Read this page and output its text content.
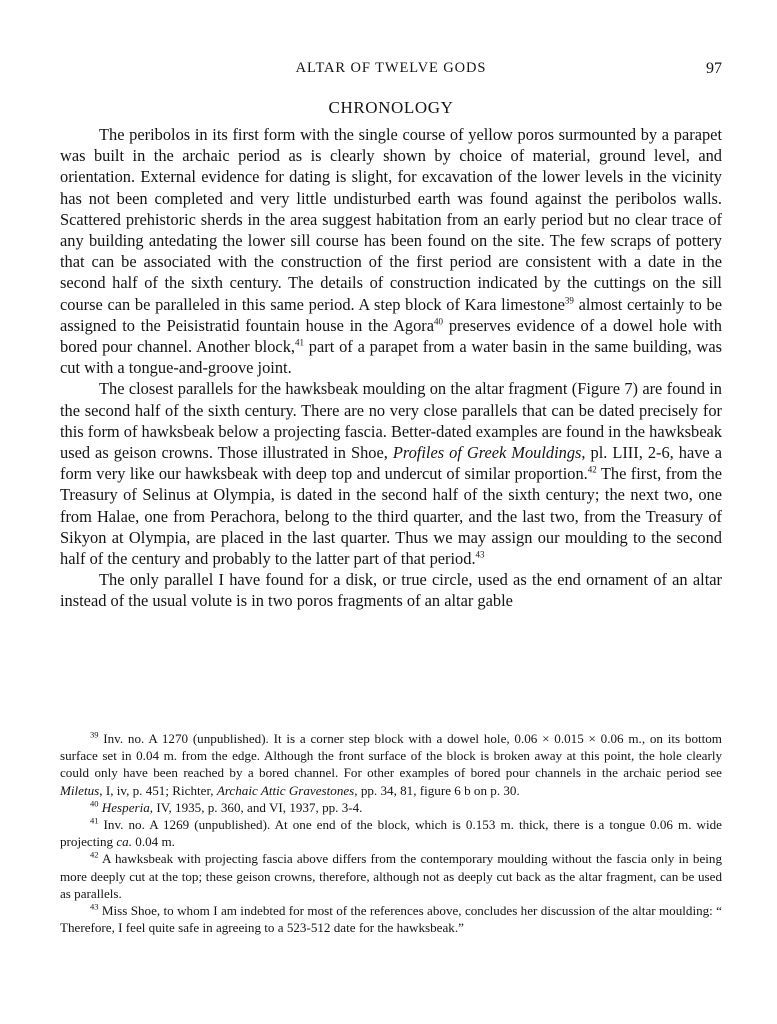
ALTAR OF TWELVE GODS	97
CHRONOLOGY

The peribolos in its first form with the single course of yellow poros surmounted by a parapet was built in the archaic period as is clearly shown by choice of material, ground level, and orientation. External evidence for dating is slight, for excavation of the lower levels in the vicinity has not been completed and very little undisturbed earth was found against the peribolos walls. Scattered prehistoric sherds in the area suggest habitation from an early period but no clear trace of any building antedating the lower sill course has been found on the site. The few scraps of pottery that can be associated with the construction of the first period are consistent with a date in the second half of the sixth century. The details of construction indicated by the cuttings on the sill course can be paralleled in this same period. A step block of Kara limestone$^{39}$ almost certainly to be assigned to the Peisistratid fountain house in the Agora$^{40}$ preserves evidence of a dowel hole with bored pour channel. Another block,$^{41}$ part of a parapet from a water basin in the same building, was cut with a tongue-and-groove joint.

The closest parallels for the hawksbeak moulding on the altar fragment (Figure 7) are found in the second half of the sixth century. There are no very close parallels that can be dated precisely for this form of hawksbeak below a projecting fascia. Better-dated examples are found in the hawksbeak used as geison crowns. Those illustrated in Shoe, Profiles of Greek Mouldings, pl. LIII, 2-6, have a form very like our hawksbeak with deep top and undercut of similar proportion.$^{42}$ The first, from the Treasury of Selinus at Olympia, is dated in the second half of the sixth century; the next two, one from Halae, one from Perachora, belong to the third quarter, and the last two, from the Treasury of Sikyon at Olympia, are placed in the last quarter. Thus we may assign our moulding to the second half of the century and probably to the latter part of that period.$^{43}$

The only parallel I have found for a disk, or true circle, used as the end ornament of an altar instead of the usual volute is in two poros fragments of an altar gable

$^{39}$ Inv. no. A 1270 (unpublished). It is a corner step block with a dowel hole, 0.06 × 0.015 × 0.06 m., on its bottom surface set in 0.04 m. from the edge. Although the front surface of the block is broken away at this point, the hole clearly could only have been reached by a bored channel. For other examples of bored pour channels in the archaic period see Miletus, I, iv, p. 451; Richter, Archaic Attic Gravestones, pp. 34, 81, figure 6 b on p. 30.

$^{40}$ Hesperia, IV, 1935, p. 360, and VI, 1937, pp. 3-4.

$^{41}$ Inv. no. A 1269 (unpublished). At one end of the block, which is 0.153 m. thick, there is a tongue 0.06 m. wide projecting ca. 0.04 m.

$^{42}$ A hawksbeak with projecting fascia above differs from the contemporary moulding without the fascia only in being more deeply cut at the top; these geison crowns, therefore, although not as deeply cut back as the altar fragment, can be used as parallels.

$^{43}$ Miss Shoe, to whom I am indebted for most of the references above, concludes her discussion of the altar moulding: “ Therefore, I feel quite safe in agreeing to a 523-512 date for the hawksbeak.”
